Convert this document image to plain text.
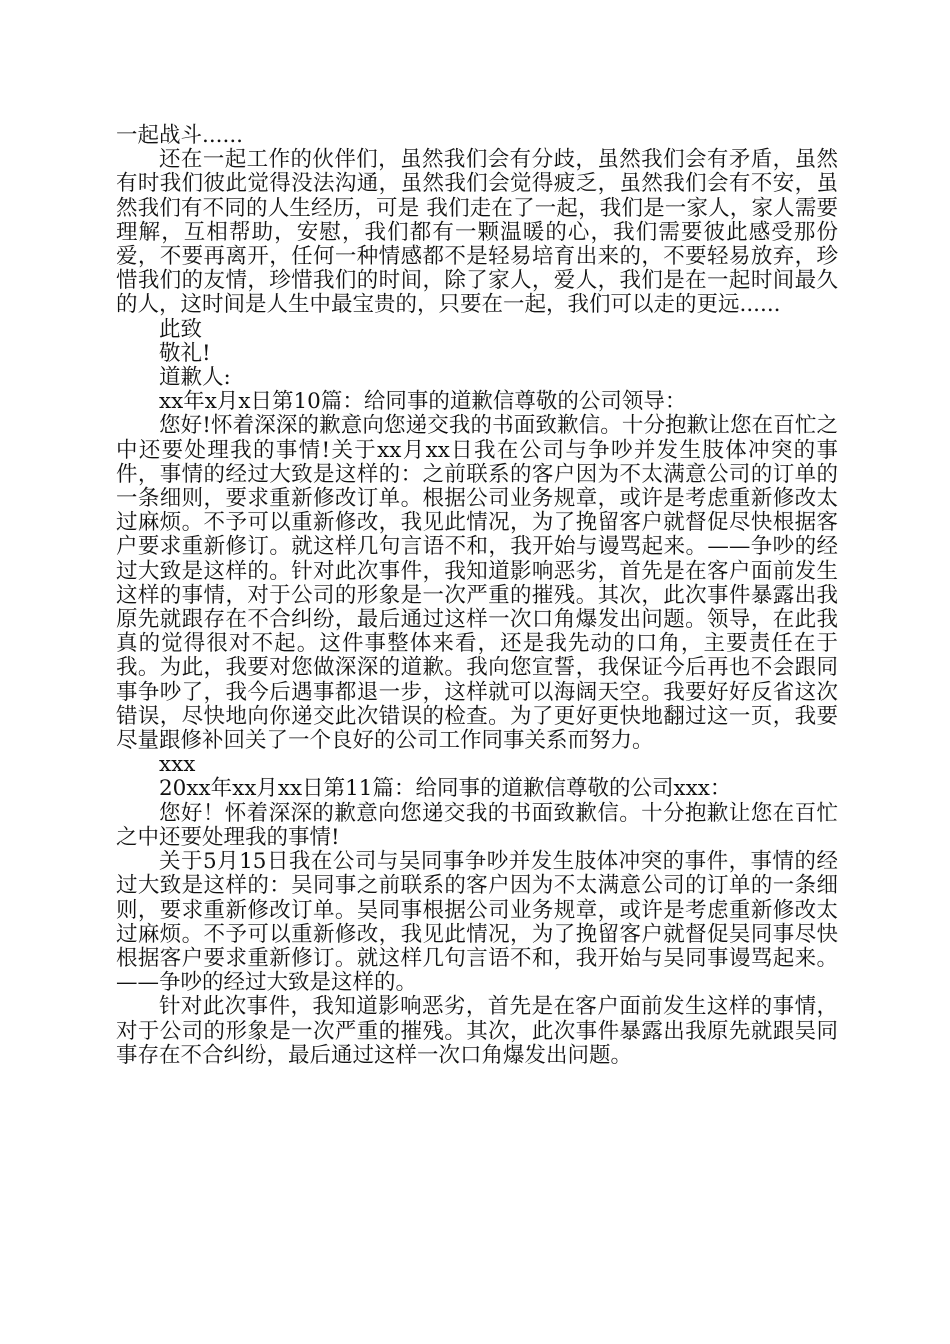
一起战斗......

还在一起工作的伙伴们，虽然我们会有分歧，虽然我们会有矛盾，虽然有时我们彼此觉得没法沟通，虽然我们会觉得疲乏，虽然我们会有不安，虽然我们有不同的人生经历，可是 我们走在了一起，我们是一家人，家人需要理解，互相帮助，安慰，我们都有一颗温暖的心，我们需要彼此感受那份爱，不要再离开，任何一种情感都不是轻易培育出来的，不要轻易放弃，珍惜我们的友情，珍惜我们的时间，除了家人，爱人，我们是在一起时间最久的人，这时间是人生中最宝贵的，只要在一起，我们可以走的更远......

此致

敬礼!

道歉人:

xx年x月x日第10篇：给同事的道歉信尊敬的公司领导：

您好!怀着深深的歉意向您递交我的书面致歉信。十分抱歉让您在百忙之中还要处理我的事情!关于xx月xx日我在公司与争吵并发生肢体冲突的事件，事情的经过大致是这样的：之前联系的客户因为不太满意公司的订单的一条细则，要求重新修改订单。根据公司业务规章，或许是考虑重新修改太过麻烦。不予可以重新修改，我见此情况，为了挽留客户就督促尽快根据客户要求重新修订。就这样几句言语不和，我开始与谩骂起来。——争吵的经过大致是这样的。针对此次事件，我知道影响恶劣，首先是在客户面前发生这样的事情，对于公司的形象是一次严重的摧残。其次，此次事件暴露出我原先就跟存在不合纠纷，最后通过这样一次口角爆发出问题。领导，在此我真的觉得很对不起。这件事整体来看，还是我先动的口角，主要责任在于我。为此，我要对您做深深的道歉。我向您宣誓，我保证今后再也不会跟同事争吵了，我今后遇事都退一步，这样就可以海阔天空。我要好好反省这次错误，尽快地向你递交此次错误的检查。为了更好更快地翻过这一页，我要尽量跟修补回关了一个良好的公司工作同事关系而努力。

xxx

20xx年xx月xx日第11篇：给同事的道歉信尊敬的公司xxx：

您好！怀着深深的歉意向您递交我的书面致歉信。十分抱歉让您在百忙之中还要处理我的事情!

关于5月15日我在公司与吴同事争吵并发生肢体冲突的事件，事情的经过大致是这样的：吴同事之前联系的客户因为不太满意公司的订单的一条细则，要求重新修改订单。吴同事根据公司业务规章，或许是考虑重新修改太过麻烦。不予可以重新修改，我见此情况，为了挽留客户就督促吴同事尽快根据客户要求重新修订。就这样几句言语不和，我开始与吴同事谩骂起来。——争吵的经过大致是这样的。

针对此次事件，我知道影响恶劣，首先是在客户面前发生这样的事情，对于公司的形象是一次严重的摧残。其次，此次事件暴露出我原先就跟吴同事存在不合纠纷，最后通过这样一次口角爆发出问题。
